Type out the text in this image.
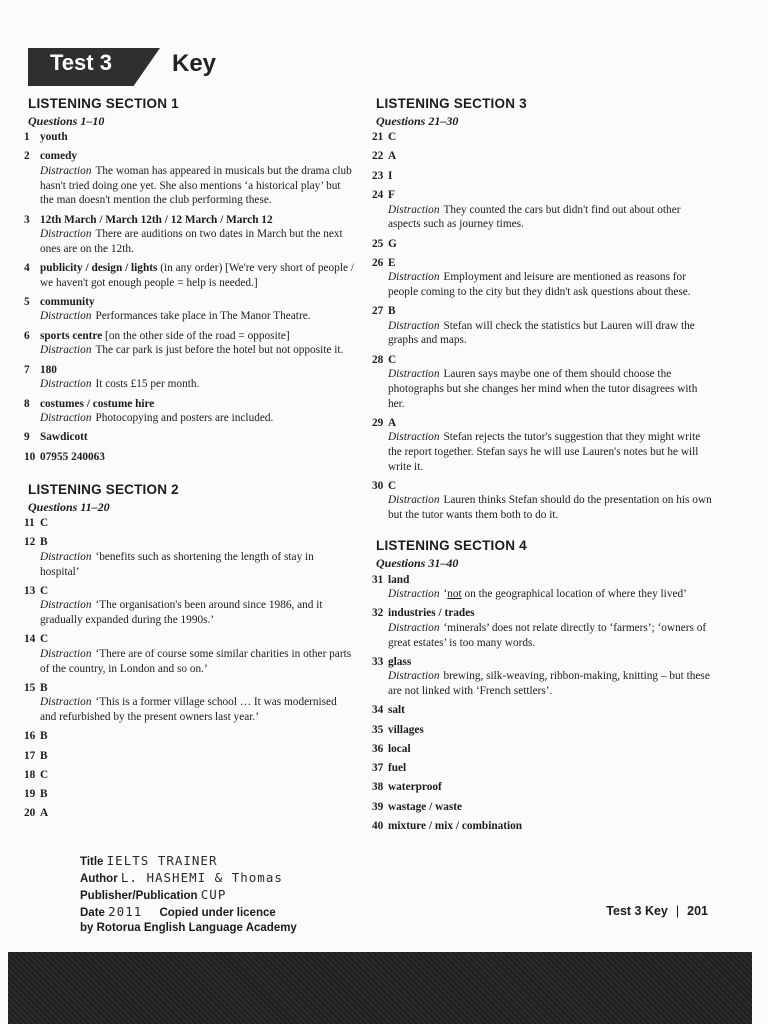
Test 3	Key
LISTENING SECTION 1
Questions 1–10
1 youth
2 comedy
Distraction The woman has appeared in musicals but the drama club hasn't tried doing one yet. She also mentions ‘a historical play’ but the man doesn't mention the club performing these.
3 12th March / March 12th / 12 March / March 12
Distraction There are auditions on two dates in March but the next ones are on the 12th.
4 publicity / design / lights (in any order) [We're very short of people / we haven't got enough people = help is needed.]
5 community
Distraction Performances take place in The Manor Theatre.
6 sports centre [on the other side of the road = opposite]
Distraction The car park is just before the hotel but not opposite it.
7 180
Distraction It costs £15 per month.
8 costumes / costume hire
Distraction Photocopying and posters are included.
9 Sawdicott
10 07955 240063
LISTENING SECTION 2
Questions 11–20
11 C
12 B
Distraction ‘benefits such as shortening the length of stay in hospital’
13 C
Distraction ‘The organisation's been around since 1986, and it gradually expanded during the 1990s.’
14 C
Distraction ‘There are of course some similar charities in other parts of the country, in London and so on.’
15 B
Distraction ‘This is a former village school … It was modernised and refurbished by the present owners last year.’
16 B
17 B
18 C
19 B
20 A
LISTENING SECTION 3
Questions 21–30
21 C
22 A
23 I
24 F
Distraction They counted the cars but didn't find out about other aspects such as journey times.
25 G
26 E
Distraction Employment and leisure are mentioned as reasons for people coming to the city but they didn't ask questions about these.
27 B
Distraction Stefan will check the statistics but Lauren will draw the graphs and maps.
28 C
Distraction Lauren says maybe one of them should choose the photographs but she changes her mind when the tutor disagrees with her.
29 A
Distraction Stefan rejects the tutor's suggestion that they might write the report together. Stefan says he will use Lauren's notes but he will write it.
30 C
Distraction Lauren thinks Stefan should do the presentation on his own but the tutor wants them both to do it.
LISTENING SECTION 4
Questions 31–40
31 land
Distraction ‘not on the geographical location of where they lived’
32 industries / trades
Distraction ‘minerals’ does not relate directly to ‘farmers’; ‘owners of great estates’ is too many words.
33 glass
Distraction brewing, silk-weaving, ribbon-making, knitting – but these are not linked with ‘French settlers’.
34 salt
35 villages
36 local
37 fuel
38 waterproof
39 wastage / waste
40 mixture / mix / combination
Title IELTS TRAINER
Author L. HASHEMI & Thomas
Publisher/Publication CUP
Date 2011 Copied under licence
by Rotorua English Language Academy
Test 3 Key | 201
